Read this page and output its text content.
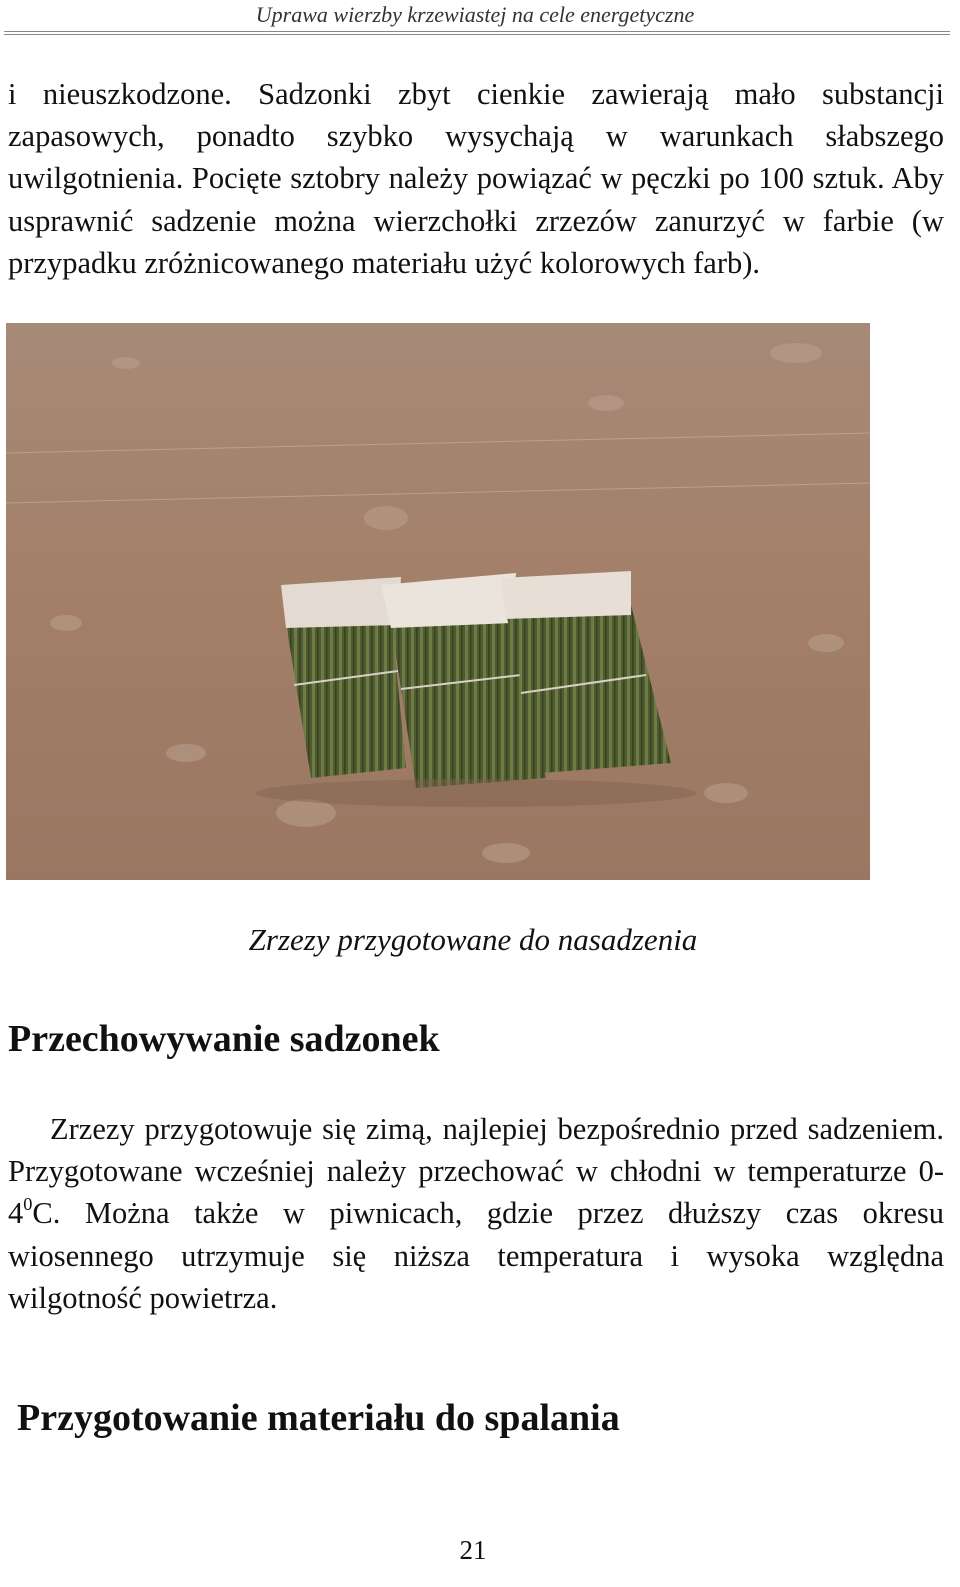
Uprawa wierzby krzewiastej na cele energetyczne
i nieuszkodzone. Sadzonki zbyt cienkie zawierają mało substancji zapasowych, ponadto szybko wysychają w warunkach słabszego uwilgotnienia. Pocięte sztobry należy powiązać w pęczki po 100 sztuk. Aby usprawnić sadzenie można wierzchołki zrzezów zanurzyć w farbie (w przypadku zróżnicowanego materiału użyć kolorowych farb).
Zrzezy przygotowane do nasadzenia
Przechowywanie sadzonek
Zrzezy przygotowuje się zimą, najlepiej bezpośrednio przed sadzeniem. Przygotowane wcześniej należy przechować w chłodni w temperaturze $0-4^0C$. Można także w piwnicach, gdzie przez dłuższy czas okresu wiosennego utrzymuje się niższa temperatura i wysoka względna wilgotność powietrza.
Przygotowanie materiału do spalania
21
